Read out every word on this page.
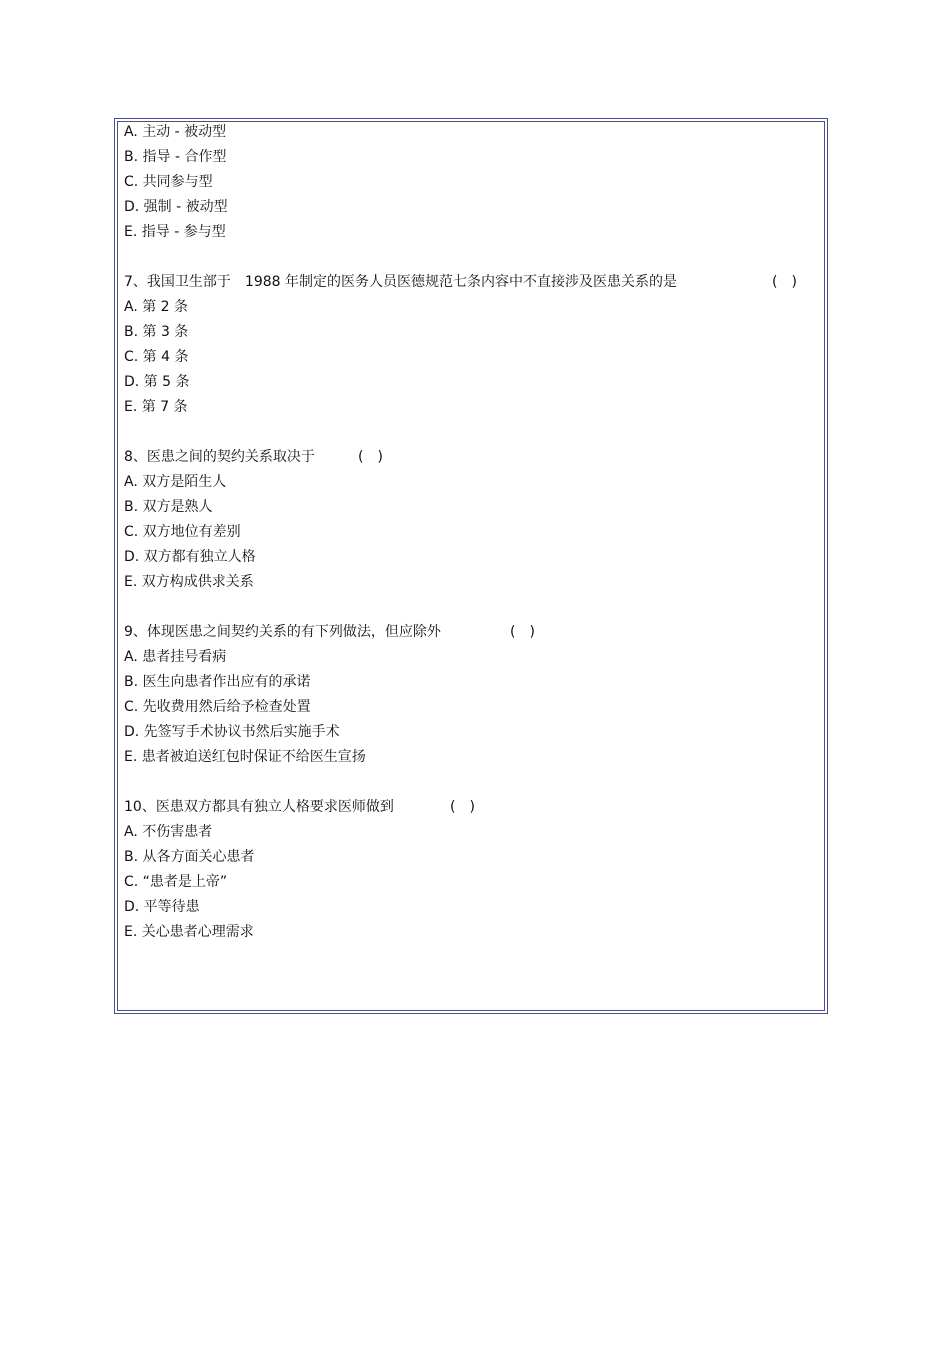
A. 主动 - 被动型
B. 指导 - 合作型
C. 共同参与型
D. 强制 - 被动型
E. 指导 - 参与型
7、我国卫生部于　1988 年制定的医务人员医德规范七条内容中不直接涉及医患关系的是	(　)
A. 第 2 条
B. 第 3 条
C. 第 4 条
D. 第 5 条
E. 第 7 条
8、医患之间的契约关系取决于	(　)
A. 双方是陌生人
B. 双方是熟人
C. 双方地位有差别
D. 双方都有独立人格
E. 双方构成供求关系
9、体现医患之间契约关系的有下列做法，但应除外	(　)
A. 患者挂号看病
B. 医生向患者作出应有的承诺
C. 先收费用然后给予检查处置
D. 先签写手术协议书然后实施手术
E. 患者被迫送红包时保证不给医生宣扬
10、医患双方都具有独立人格要求医师做到	(　)
A. 不伤害患者
B. 从各方面关心患者
C. “患者是上帝”
D. 平等待患
E. 关心患者心理需求
